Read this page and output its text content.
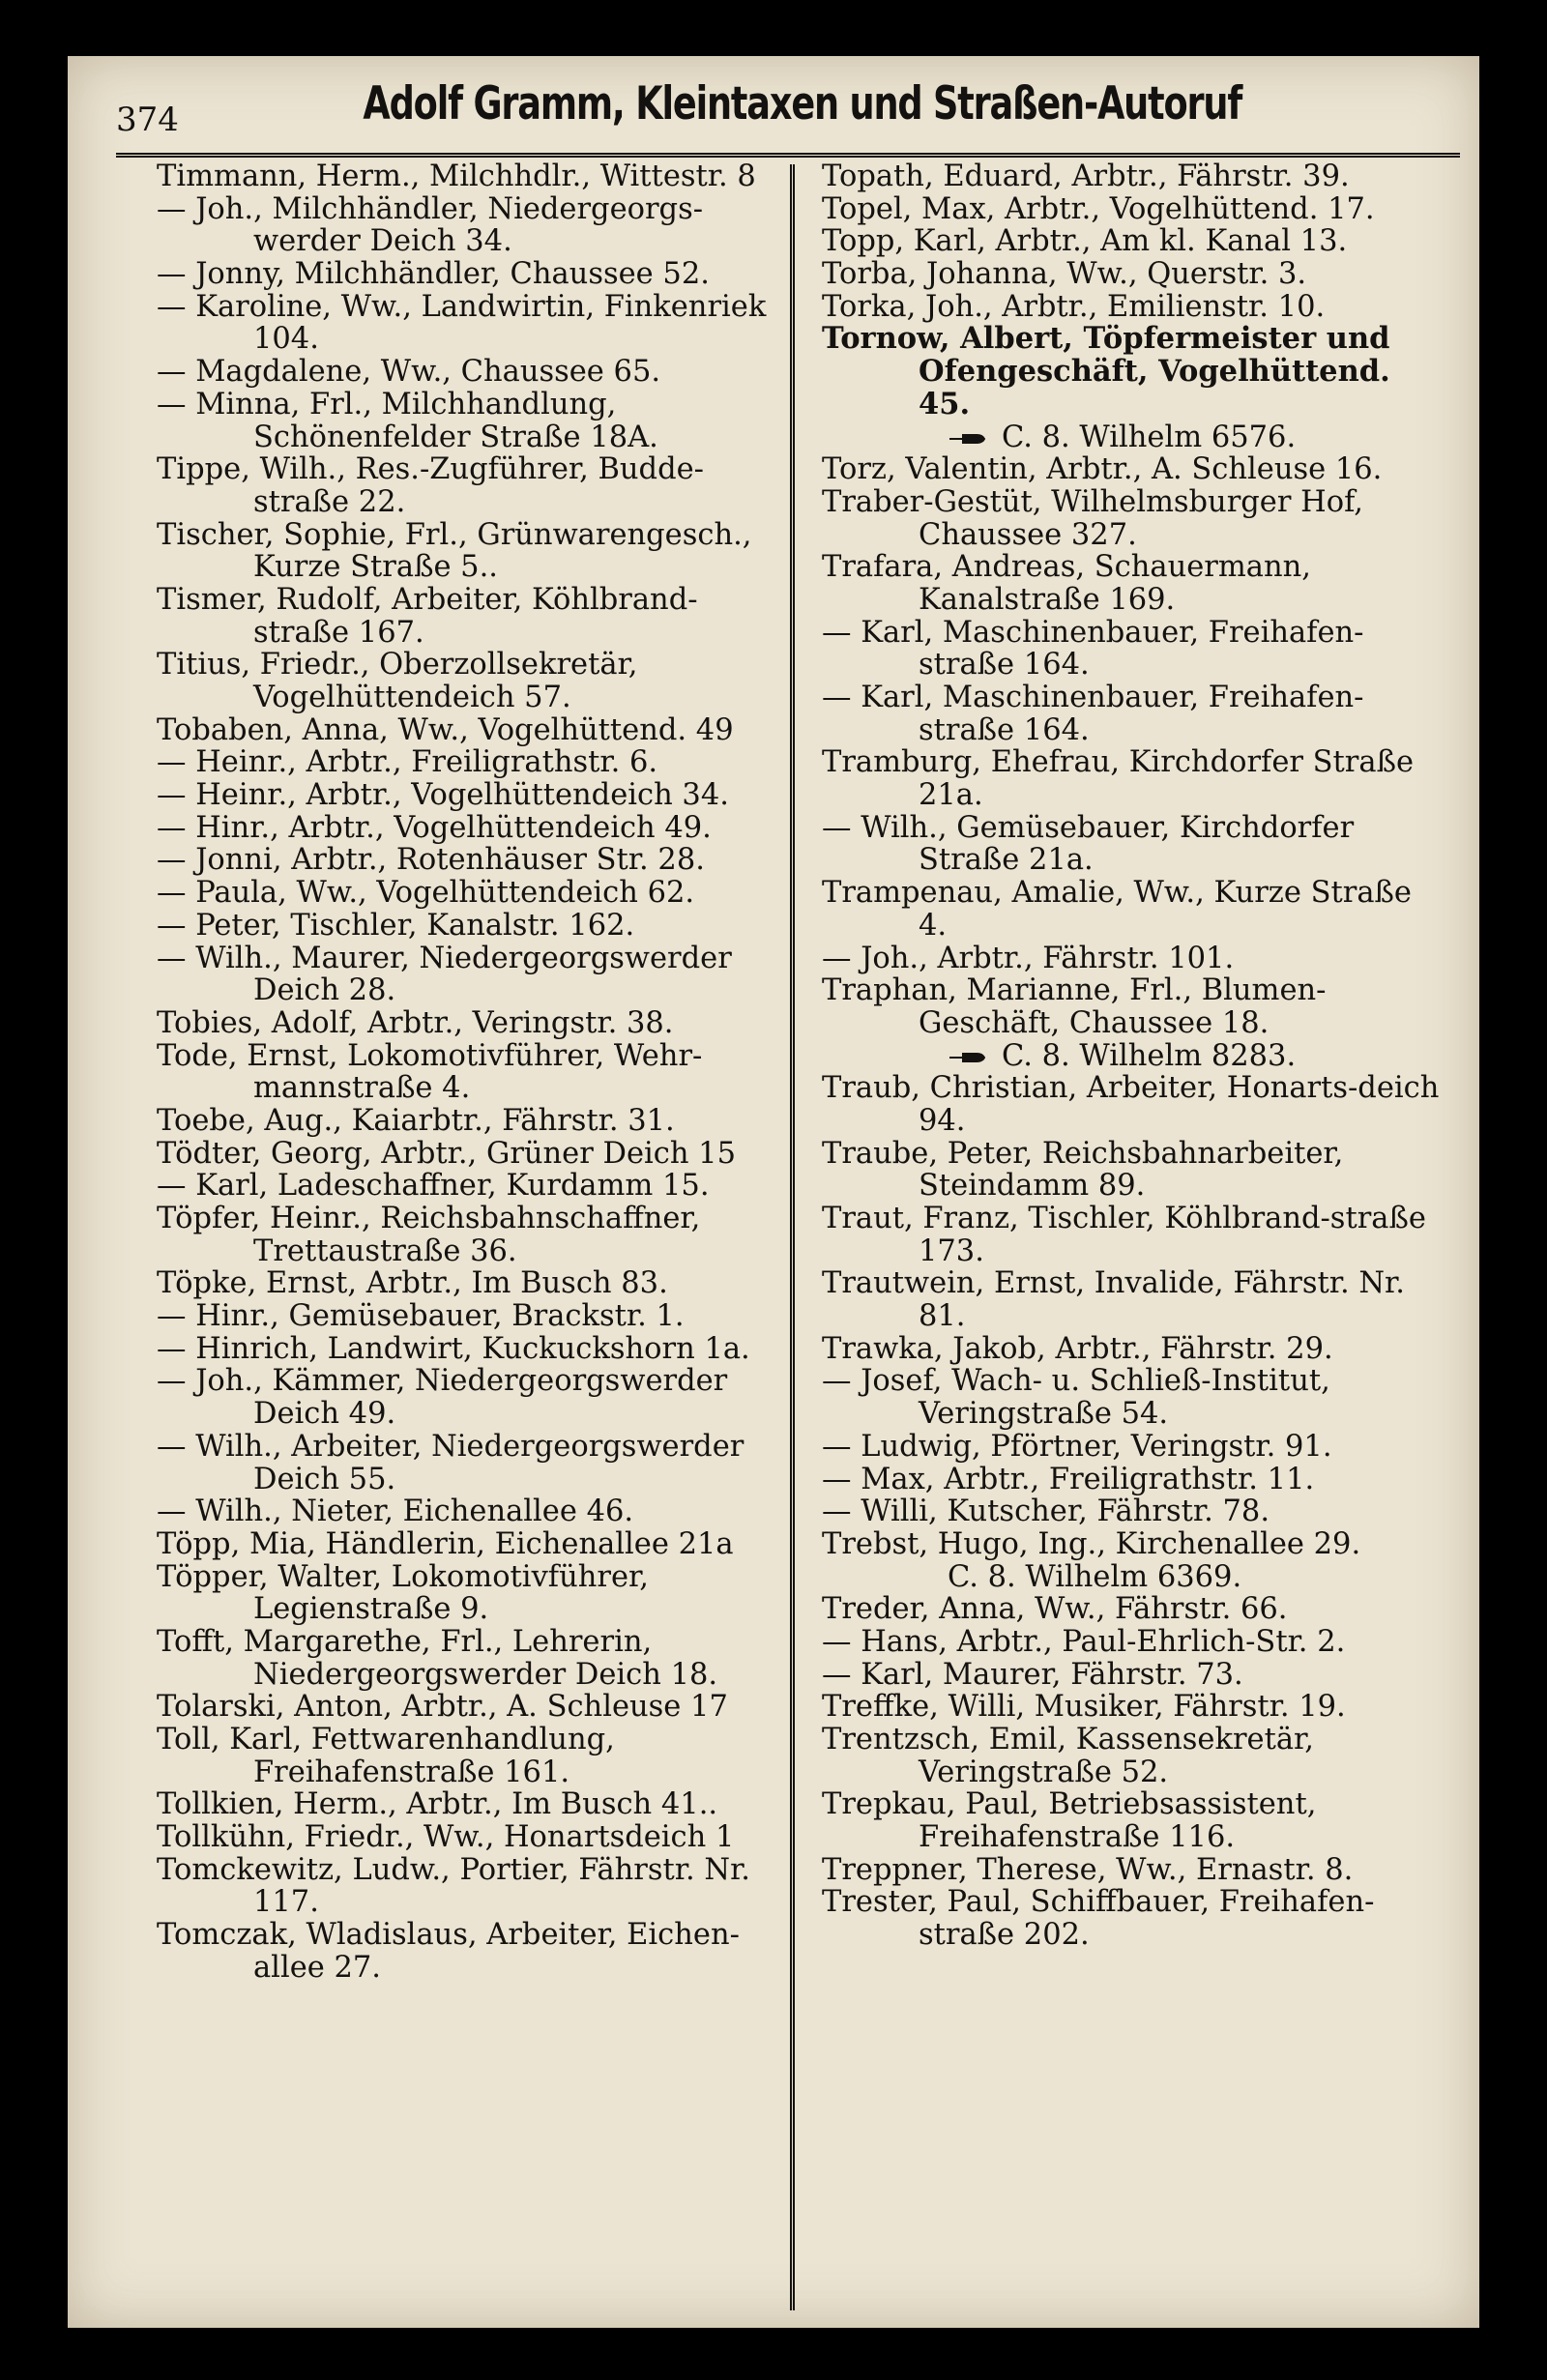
374	Adolf Gramm, Kleintaxen und Straßen-Autoruf

Timmann, Herm., Milchhdlr., Wittestr. 8

— Joh., Milchhändler, Niedergeorgs-werder Deich 34.

— Jonny, Milchhändler, Chaussee 52.

— Karoline, Ww., Landwirtin, Finkenriek 104.

— Magdalene, Ww., Chaussee 65.

— Minna, Frl., Milchhandlung, Schönenfelder Straße 18A.

Tippe, Wilh., Res.-Zugführer, Budde-straße 22.

Tischer, Sophie, Frl., Grünwarengesch., Kurze Straße 5..

Tismer, Rudolf, Arbeiter, Köhlbrand-straße 167.

Titius, Friedr., Oberzollsekretär, Vogelhüttendeich 57.

Tobaben, Anna, Ww., Vogelhüttend. 49

— Heinr., Arbtr., Freiligrathstr. 6.

— Heinr., Arbtr., Vogelhüttendeich 34.

— Hinr., Arbtr., Vogelhüttendeich 49.

— Jonni, Arbtr., Rotenhäuser Str. 28.

— Paula, Ww., Vogelhüttendeich 62.

— Peter, Tischler, Kanalstr. 162.

— Wilh., Maurer, Niedergeorgswerder Deich 28.

Tobies, Adolf, Arbtr., Veringstr. 38.

Tode, Ernst, Lokomotivführer, Wehr-mannstraße 4.

Toebe, Aug., Kaiarbtr., Fährstr. 31.

Tödter, Georg, Arbtr., Grüner Deich 15

— Karl, Ladeschaffner, Kurdamm 15.

Töpfer, Heinr., Reichsbahnschaffner, Trettaustraße 36.

Töpke, Ernst, Arbtr., Im Busch 83.

— Hinr., Gemüsebauer, Brackstr. 1.

— Hinrich, Landwirt, Kuckuckshorn 1a.

— Joh., Kämmer, Niedergeorgswerder Deich 49.

— Wilh., Arbeiter, Niedergeorgswerder Deich 55.

— Wilh., Nieter, Eichenallee 46.

Töpp, Mia, Händlerin, Eichenallee 21a

Töpper, Walter, Lokomotivführer, Legienstraße 9.

Tofft, Margarethe, Frl., Lehrerin, Niedergeorgswerder Deich 18.

Tolarski, Anton, Arbtr., A. Schleuse 17

Toll, Karl, Fettwarenhandlung, Freihafenstraße 161.

Tollkien, Herm., Arbtr., Im Busch 41..

Tollkühn, Friedr., Ww., Honartsdeich 1

Tomckewitz, Ludw., Portier, Fährstr. Nr. 117.

Tomczak, Wladislaus, Arbeiter, Eichen-allee 27.

Topath, Eduard, Arbtr., Fährstr. 39.

Topel, Max, Arbtr., Vogelhüttend. 17.

Topp, Karl, Arbtr., Am kl. Kanal 13.

Torba, Johanna, Ww., Querstr. 3.

Torka, Joh., Arbtr., Emilienstr. 10.

Tornow, Albert, Töpfermeister und Ofengeschäft, Vogelhüttend. 45.

C. 8. Wilhelm 6576.

Torz, Valentin, Arbtr., A. Schleuse 16.

Traber-Gestüt, Wilhelmsburger Hof, Chaussee 327.

Trafara, Andreas, Schauermann, Kanalstraße 169.

— Karl, Maschinenbauer, Freihafen-straße 164.

— Karl, Maschinenbauer, Freihafen-straße 164.

Tramburg, Ehefrau, Kirchdorfer Straße 21a.

— Wilh., Gemüsebauer, Kirchdorfer Straße 21a.

Trampenau, Amalie, Ww., Kurze Straße 4.

— Joh., Arbtr., Fährstr. 101.

Traphan, Marianne, Frl., Blumen-Geschäft, Chaussee 18.

C. 8. Wilhelm 8283.

Traub, Christian, Arbeiter, Honarts-deich 94.

Traube, Peter, Reichsbahnarbeiter, Steindamm 89.

Traut, Franz, Tischler, Köhlbrand-straße 173.

Trautwein, Ernst, Invalide, Fährstr. Nr. 81.

Trawka, Jakob, Arbtr., Fährstr. 29.

— Josef, Wach- u. Schließ-Institut, Veringstraße 54.

— Ludwig, Pförtner, Veringstr. 91.

— Max, Arbtr., Freiligrathstr. 11.

— Willi, Kutscher, Fährstr. 78.

Trebst, Hugo, Ing., Kirchenallee 29.

C. 8. Wilhelm 6369.

Treder, Anna, Ww., Fährstr. 66.

— Hans, Arbtr., Paul-Ehrlich-Str. 2.

— Karl, Maurer, Fährstr. 73.

Treffke, Willi, Musiker, Fährstr. 19.

Trentzsch, Emil, Kassensekretär, Veringstraße 52.

Trepkau, Paul, Betriebsassistent, Freihafenstraße 116.

Treppner, Therese, Ww., Ernastr. 8.

Trester, Paul, Schiffbauer, Freihafen-straße 202.
